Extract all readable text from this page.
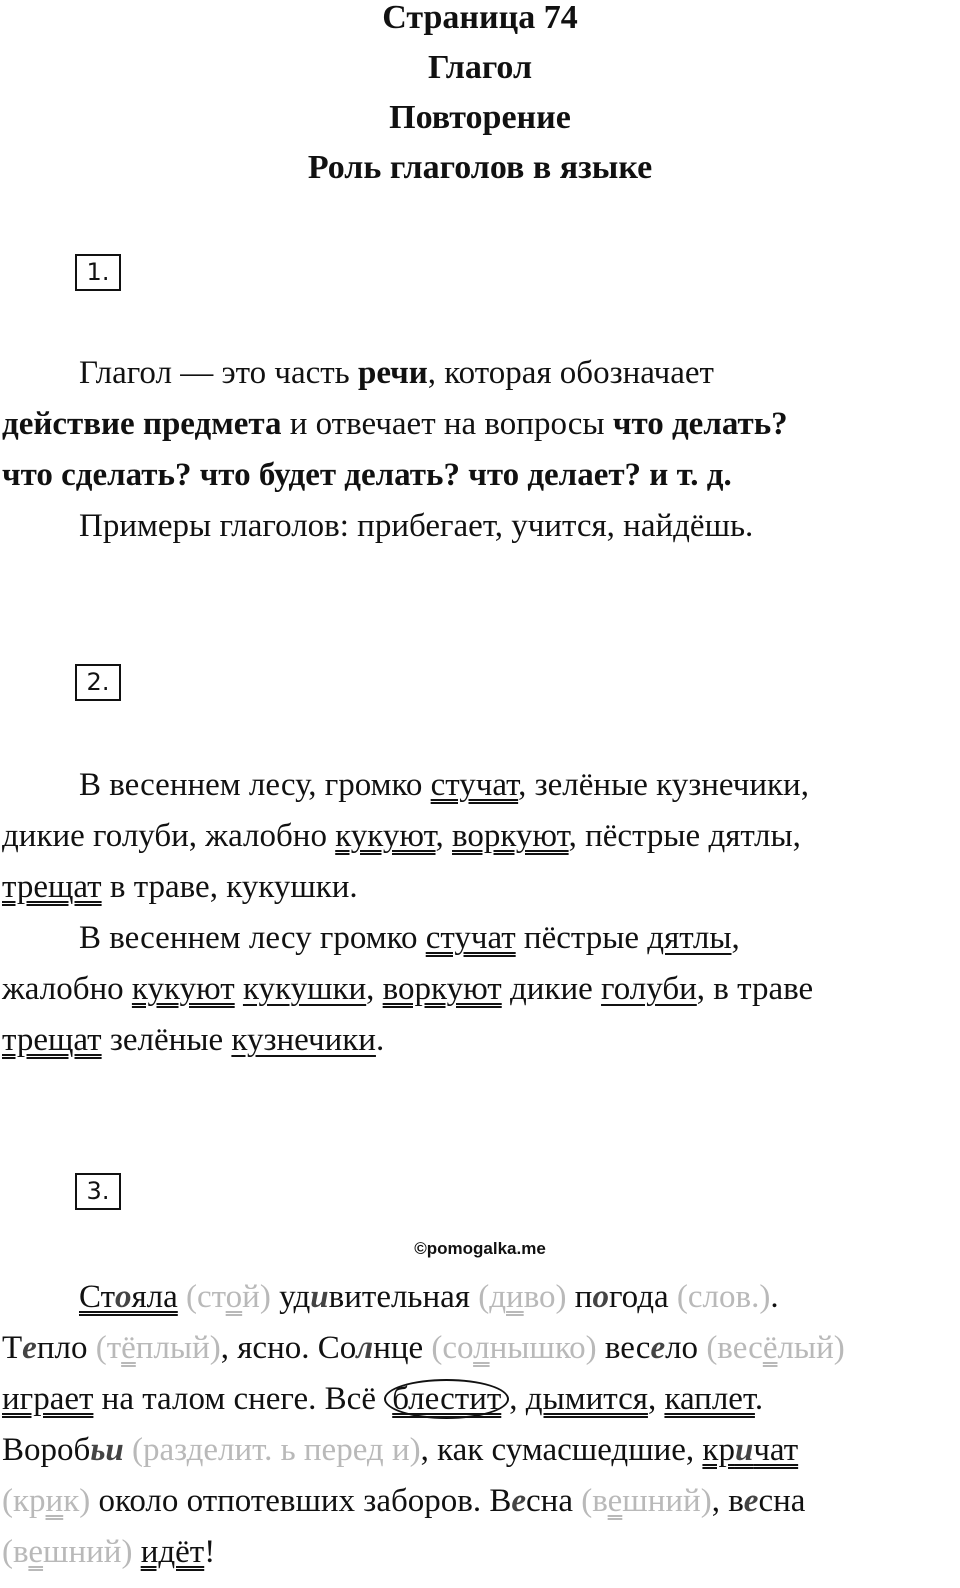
Страница 74
Глагол
Повторение
Роль глаголов в языке
1.

Глагол — это часть речи, которая обозначает

действие предмета и отвечает на вопросы что делать?

что сделать? что будет делать? что делает? и т. д.

Примеры глаголов: прибегает, учится, найдёшь.

2.

В весеннем лесу, громко стучат, зелёные кузнечики,

дикие голуби, жалобно кукуют, воркуют, пёстрые дятлы,

трещат в траве, кукушки.

В весеннем лесу громко стучат пёстрые дятлы,

жалобно кукуют кукушки, воркуют дикие голуби, в траве

трещат зелёные кузнечики.

3.
©pomogalka.me

Стояла (стой) удивительная (диво) погода (слов.).

Тепло (тёплый), ясно. Солнце (солнышко) весело (весёлый)

играет на талом снеге. Всё блестит , дымится, каплет.

Воробьи (разделит. ь перед и), как сумасшедшие, кричат

(крик) около отпотевших заборов. Весна (вешний), весна

(вешний) идёт!
